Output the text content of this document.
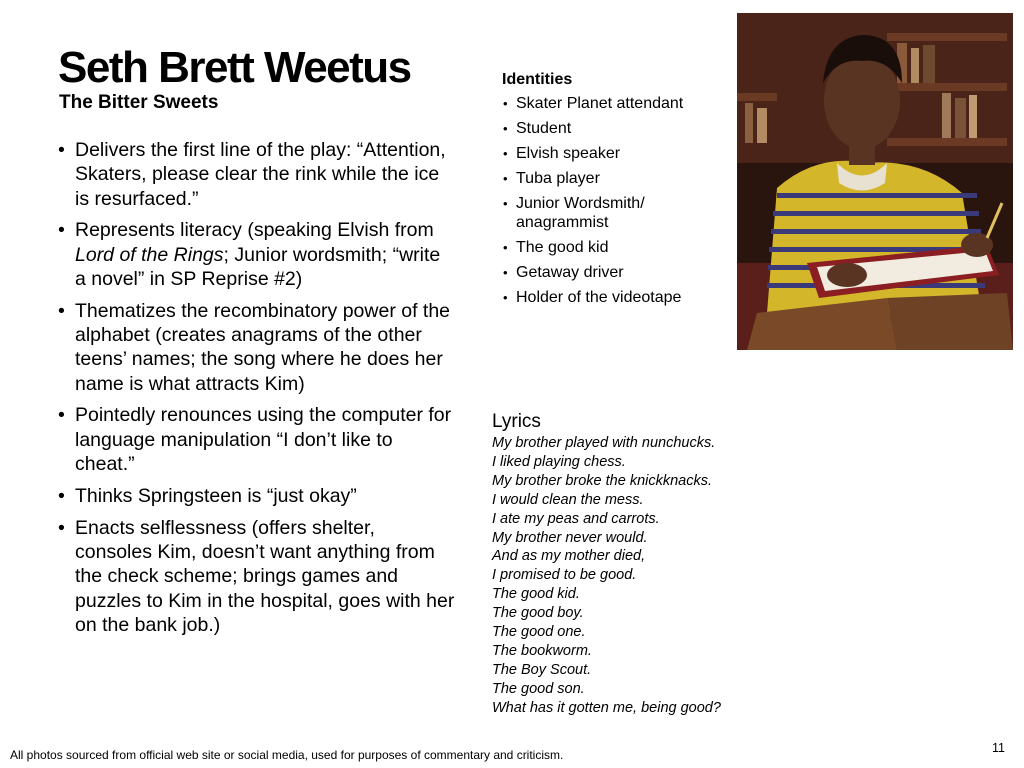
Seth Brett Weetus
The Bitter Sweets
• Delivers the first line of the play: “Attention, Skaters, please clear the rink while the ice is resurfaced.”
• Represents literacy (speaking Elvish from Lord of the Rings; Junior wordsmith; “write a novel” in SP Reprise #2)
• Thematizes the recombinatory power of the alphabet (creates anagrams of the other teens’ names; the song where he does her name is what attracts Kim)
• Pointedly renounces using the computer for language manipulation “I don’t like to cheat.”
• Thinks Springsteen is “just okay”
• Enacts selflessness (offers shelter, consoles Kim, doesn’t want anything from the check scheme; brings games and puzzles to Kim in the hospital, goes with her on the bank job.)
Identities
• Skater Planet attendant
• Student
• Elvish speaker
• Tuba player
• Junior Wordsmith/ anagrammist
• The good kid
• Getaway driver
• Holder of the videotape
Lyrics
My brother played with nunchucks.
I liked playing chess.
My brother broke the knickknacks.
I would clean the mess.
I ate my peas and carrots.
My brother never would.
And as my mother died,
I promised to be good.
The good kid.
The good boy.
The good one.
The bookworm.
The Boy Scout.
The good son.
What has it gotten me, being good?
All photos sourced from official web site or social media, used for purposes of commentary and criticism.	11
